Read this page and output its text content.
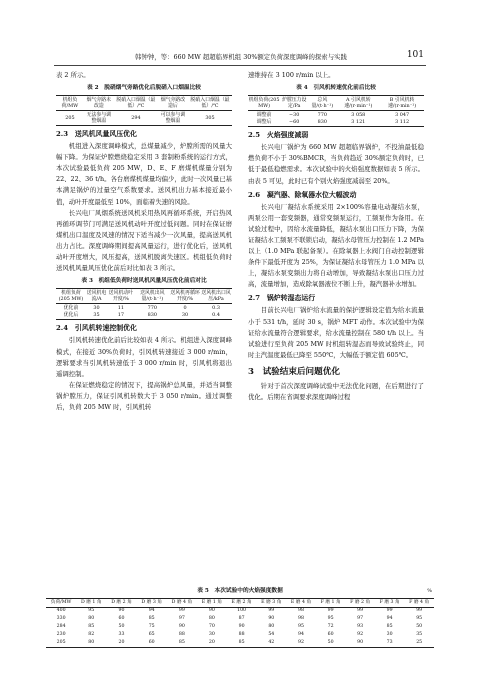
韩钟钟，等：660 MW 超超临界机组 30%额定负荷深度调峰的探索与实践	101

表 2 所示。

表 2　脱硝烟气旁路优化后脱硝入口烟温比较
机组负荷/MW	烟气旁路未改造	脱硝入口烟温（最低）/℃	烟气旁路改造后	脱硝入口烟温（最低）/℃
205	无法参与调整烟温	294	可以参与调整烟温	305
2.3　送风机风量风压优化

机组进入深度调峰模式，总煤量减少，炉膛所需的风量大幅下降。为保证炉膛燃烧稳定采用 3 套制粉系统的运行方式，本次试验最低负荷 205 MW，D、E、F 磨煤机煤量分别为 22、22、36 t/h。各台磨煤机煤量均偏少，此时一次风量已基本满足锅炉的过量空气系数要求。送风机出力基本接近最小值，动叶开度最低至 10%，面临着失速的风险。

长兴电厂风烟系统送风机采用热风再循环系统，开启热风再循环调节门可满足送风机动叶开度过低问题。同时在保证磨煤机出口温度及风速的情况下适当减少一次风量，提高送风机出力占比。深度调峰期间提高风量运行，进行优化后，送风机动叶开度增大，风压提高，送风机脱离失速区。机组低负荷时送风机风量风压优化前后对比如表 3 所示。

表 3　机组低负荷时送风机风量风压优化前后对比
机组负荷(205 MW)	送风机电流/A	送风机动叶开度/%	送风机出风量/(t·h⁻¹)	送风机再循环开度/%	送风机出口风压/kPa
优化前	30	11	770	0	0.3
优化后	35	17	830	30	0.4
2.4　引风机转速控制优化

引风机转速优化前后比较如表 4 所示。机组进入深度调峰模式，在接近 30%负荷时，引风机转速接近 3 000 r/min，逻辑要求当引风机转速低于 3 000 r/min 时，引风机将退出遥调控制。

在保证燃烧稳定的情况下，提高锅炉总风量，并适当调整锅炉膛压力，保证引风机转数大于 3 050 r/min。通过调整后，负荷 205 MW 时，引风机转

速维持在 3 100 r/min 以上。

表 4　引风机转速优化前后比较
机组负荷(205 MW)	炉膛压力设定/Pa	总风量/(t·h⁻¹)	A 引风机转速/(r·min⁻¹)	B 引风机转速/(r·min⁻¹)
调整前	−30	770	3 058	3 047
调整后	−60	830	3 121	3 112
2.5　火焰强度减弱

长兴电厂锅炉为 660 MW 超超临界锅炉，不投油最低稳燃负荷不小于 30%BMCR，当负荷趋近 30%额定负荷时，已低于最低稳燃需求。本次试验中的火焰强度数据如表 5 所示。由表 5 可见，此时已有个别火焰强度减弱至 20%。

2.6　凝汽器、除氧器水位大幅波动

长兴电厂凝结水系统采用 2×100%容量电动凝结水泵，两泵公用一套变频器，通常变频泵运行，工频泵作为备用。在试验过程中，因给水流量降低，凝结水泵出口压力下降，为保证凝结水工频泵不联锁启动，凝结水母管压力控制在 1.2 MPa 以上（1.0 MPa 联起备泵）。在除氧器上水阀门自动控制逻辑条件下最低开度为 25%，为保证凝结水母管压力 1.0 MPa 以上，凝结水泵变频出力将自动增加，导致凝结水泵出口压力过高，流量增加，造成除氧器液位不断上升，凝汽器补水增加。

2.7　锅炉转湿态运行

目前长兴电厂锅炉给水流量的保护逻辑设定值为给水流量小于 531 t/h，延时 30 s，锅炉 MFT 动作。本次试验中为保证给水流量符合逻辑要求，给水流量控制在 580 t/h 以上。当试验进行至负荷 205 MW 时机组转湿态而导致试验终止，同时主汽温度最低已降至 550℃，大幅低于额定值 605℃。

3　试验结束后问题优化

针对于首次深度调峰试验中无法优化问题，在后期进行了优化。后期在省调要求深度调峰过程

表 5　本次试验中的火焰强度数据	%
负荷/MW	D 磨 1 角	D 磨 2 角	D 磨 3 角	D 磨 4 角	E 磨 1 角	E 磨 2 角	E 磨 3 角	E 磨 4 角	F 磨 1 角	F 磨 2 角	F 磨 3 角	F 磨 4 角
400	95	90	94	99	90	100	99	98	99	99	99	99
330	80	60	85	97	80	87	90	98	95	97	94	95
284	85	50	75	90	70	90	80	95	72	93	85	50
230	82	33	65	88	30	88	54	94	60	92	30	35
205	80	20	60	85	20	85	42	92	50	90	73	25
